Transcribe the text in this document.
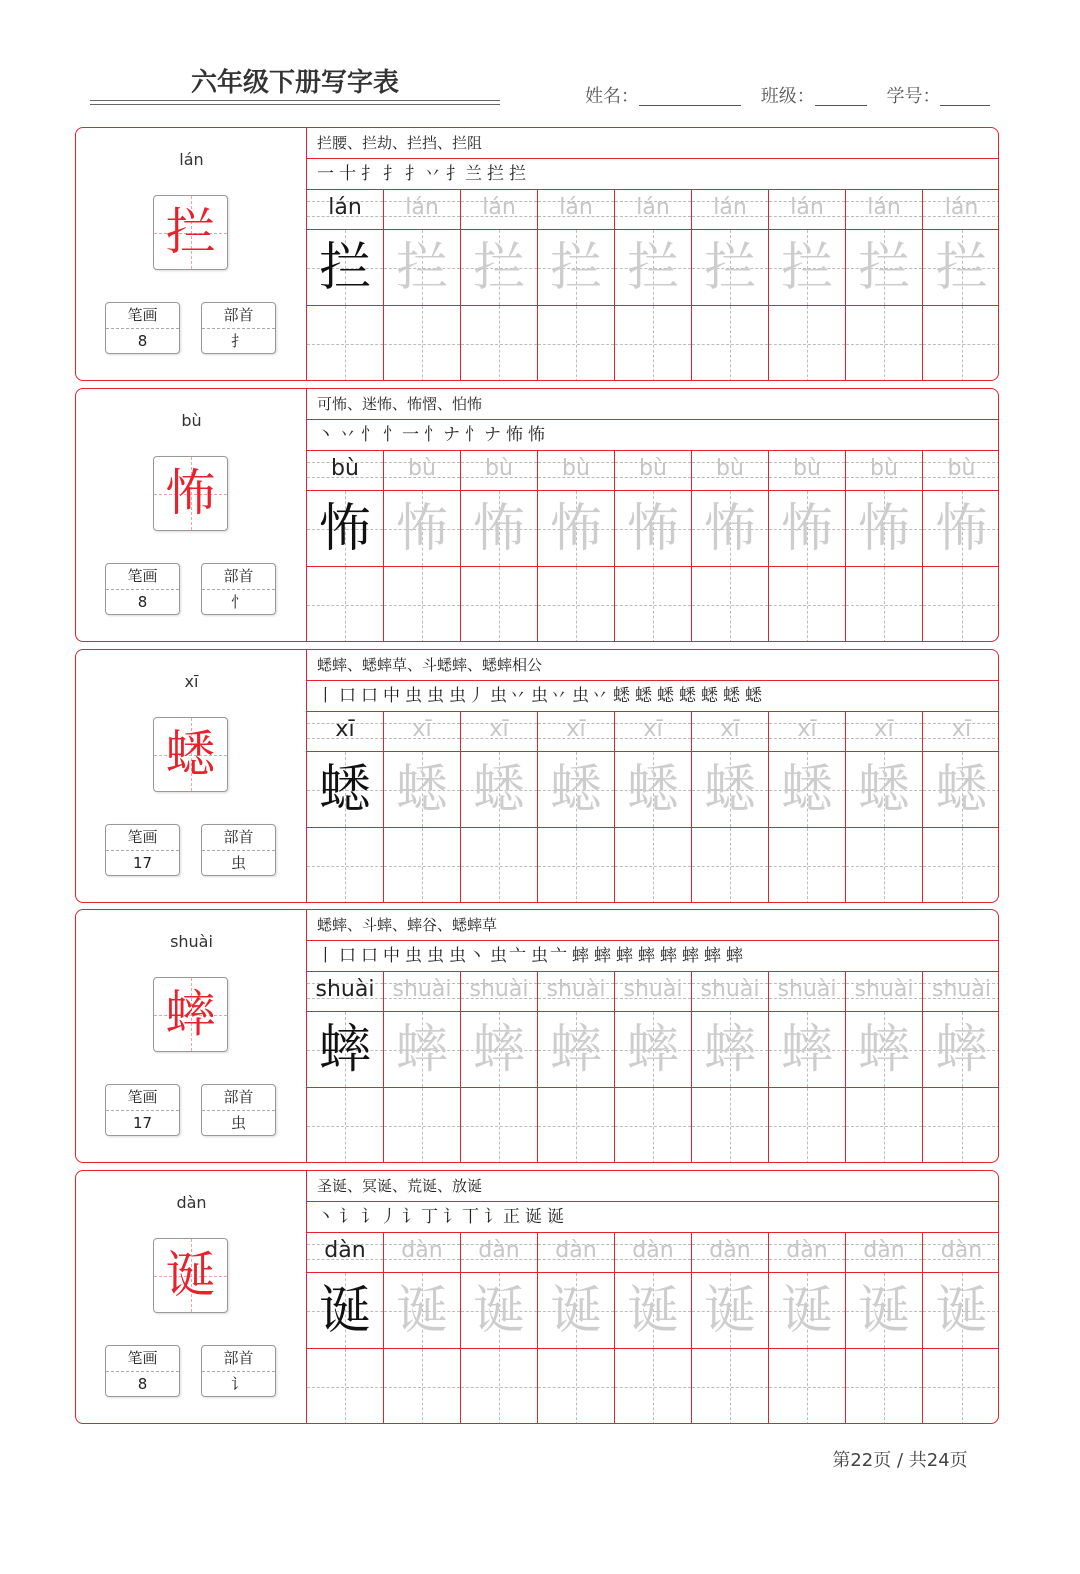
六年级下册写字表	姓名：	班级：	学号：
lán
拦
笔画
8
部首
扌
拦腰、拦劫、拦挡、拦阻
一 十 扌 扌 扌丷 扌兰 拦 拦
lán	lán	lán	lán	lán	lán	lán	lán	lán
拦 拦 拦 拦 拦 拦 拦 拦 拦
bù
怖
笔画
8
部首
忄
可怖、迷怖、怖慴、怕怖
丶 丷 忄 忄一 忄ナ 忄ナ 怖 怖
bù	bù	bù	bù	bù	bù	bù	bù	bù
怖 怖 怖 怖 怖 怖 怖 怖 怖
xī
蟋
笔画
17
部首
虫
蟋蟀、蟋蟀草、斗蟋蟀、蟋蟀相公
丨 口 口 中 虫 虫 虫丿 虫丷 虫丷 虫丷 蟋 蟋 蟋 蟋 蟋 蟋 蟋
xī	xī	xī	xī	xī	xī	xī	xī	xī
蟋 蟋 蟋 蟋 蟋 蟋 蟋 蟋 蟋
shuài
蟀
笔画
17
部首
虫
蟋蟀、斗蟀、蟀谷、蟋蟀草
丨 口 口 中 虫 虫 虫丶 虫亠 虫亠 蟀 蟀 蟀 蟀 蟀 蟀 蟀 蟀
shuài shuài shuài shuài shuài shuài shuài shuài shuài
蟀 蟀 蟀 蟀 蟀 蟀 蟀 蟀 蟀
dàn
诞
笔画
8
部首
讠
圣诞、冥诞、荒诞、放诞
丶 讠 讠丿 讠丁 讠丅 讠正 诞 诞
dàn	dàn	dàn	dàn	dàn	dàn	dàn	dàn	dàn
诞 诞 诞 诞 诞 诞 诞 诞 诞
第22页 / 共24页
